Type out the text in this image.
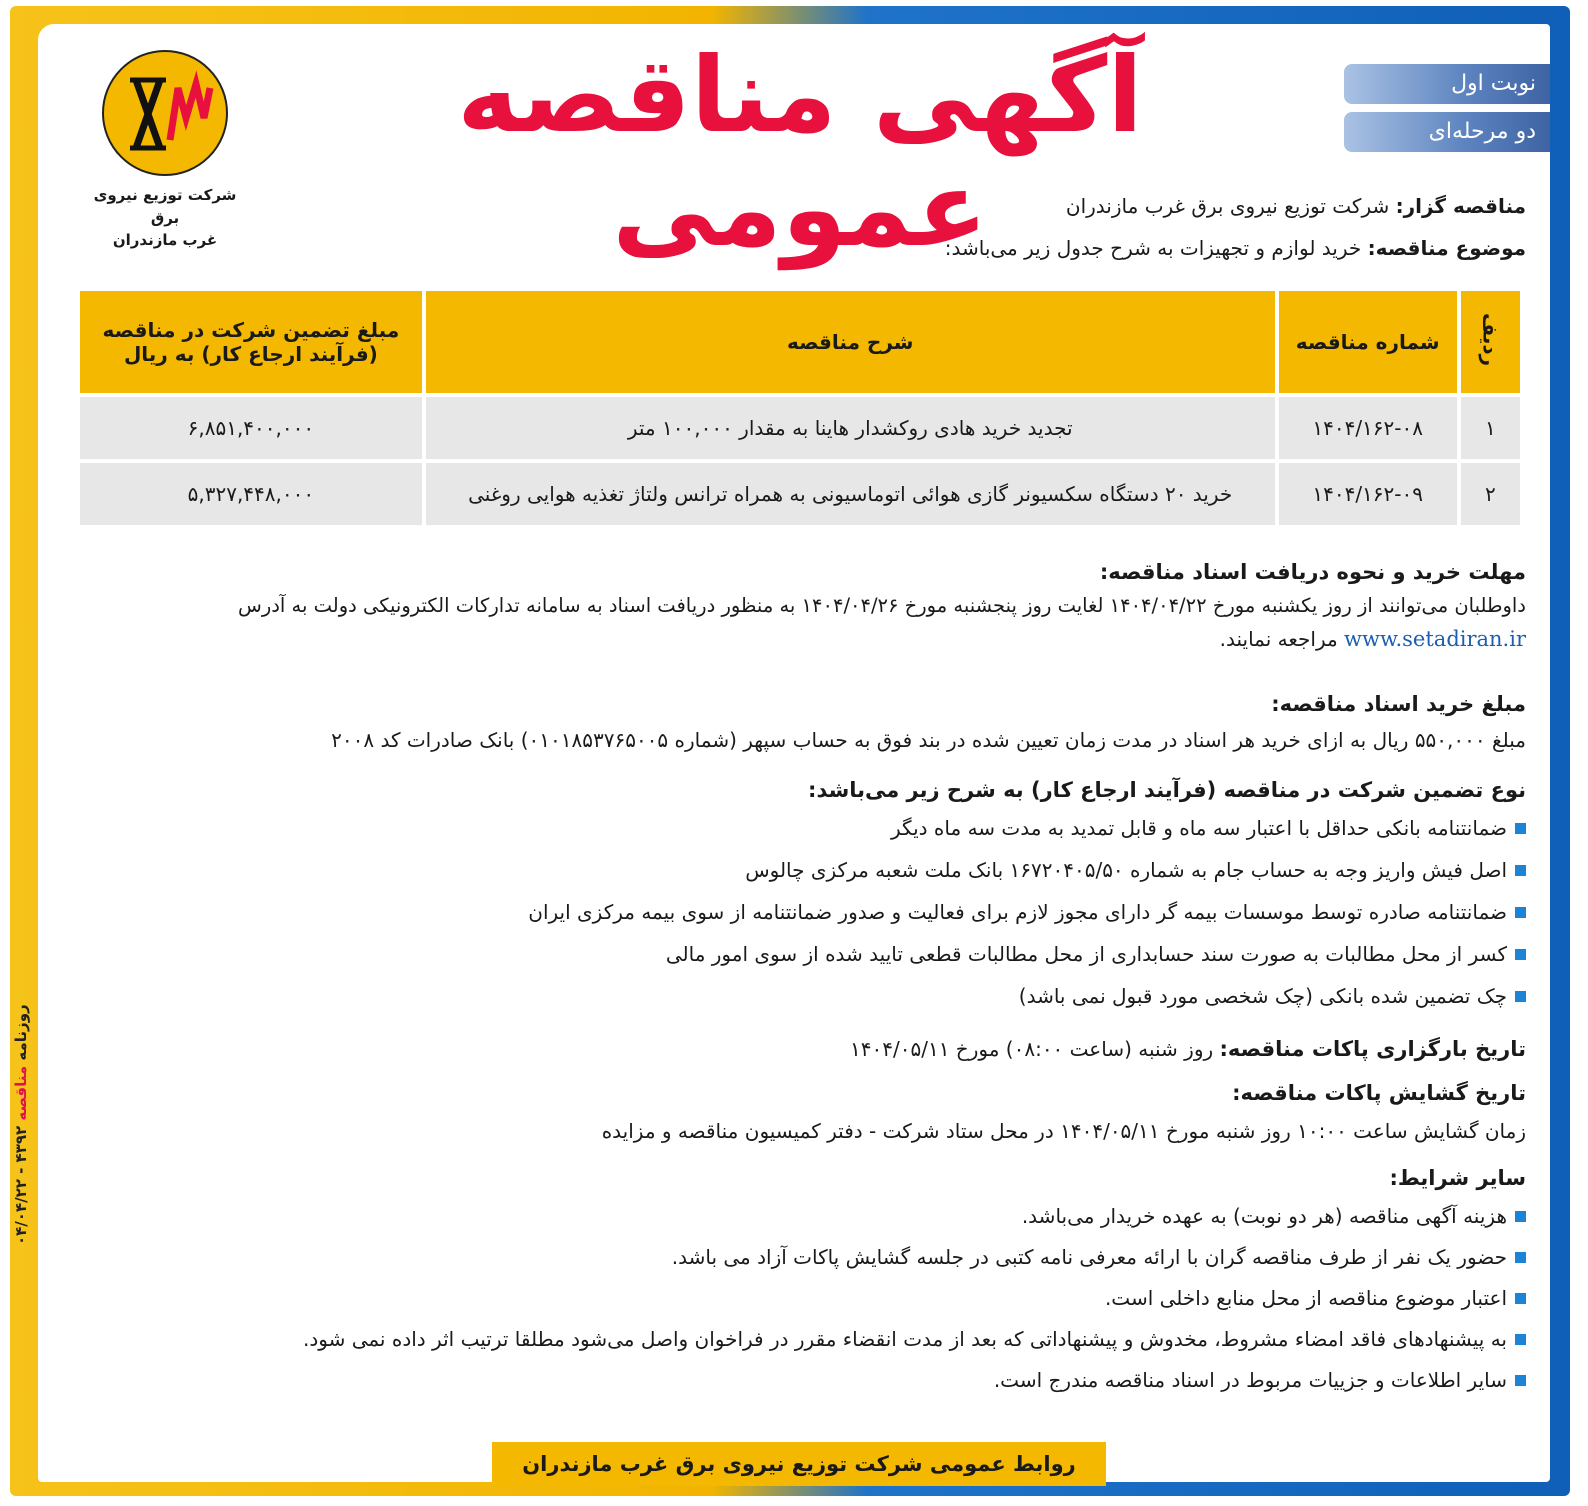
روزنامه مناقصه ۴۳۹۲ - ۰۴/۰۴/۲۲
آگهی مناقصه عمومی
شرکت توزیع نیروی برق
غرب مازندران
نوبت اول
دو مرحله‌ای
مناقصه گزار: شرکت توزیع نیروی برق غرب مازندران
موضوع مناقصه: خرید لوازم و تجهیزات به شرح جدول زیر می‌باشد:
ردیف	شماره مناقصه	شرح مناقصه	مبلغ تضمین شرکت در مناقصه
(فرآیند ارجاع کار) به ریال

۱	۱۴۰۴/۱۶۲-۰۸	تجدید خرید هادی روکشدار هاینا به مقدار ۱۰۰,۰۰۰ متر	۶,۸۵۱,۴۰۰,۰۰۰
۲	۱۴۰۴/۱۶۲-۰۹	خرید ۲۰ دستگاه سکسیونر گازی هوائی اتوماسیونی به همراه ترانس ولتاژ تغذیه هوایی روغنی	۵,۳۲۷,۴۴۸,۰۰۰
مهلت خرید و نحوه دریافت اسناد مناقصه:
داوطلبان می‌توانند از روز یکشنبه مورخ ۱۴۰۴/۰۴/۲۲ لغایت روز پنجشنبه مورخ ۱۴۰۴/۰۴/۲۶ به منظور دریافت اسناد به سامانه تدارکات الکترونیکی دولت به آدرس
www.setadiran.ir مراجعه نمایند.
مبلغ خرید اسناد مناقصه:
مبلغ ۵۵۰,۰۰۰ ریال به ازای خرید هر اسناد در مدت زمان تعیین شده در بند فوق به حساب سپهر (شماره ۰۱۰۱۸۵۳۷۶۵۰۰۵) بانک صادرات کد ۲۰۰۸
نوع تضمین شرکت در مناقصه (فرآیند ارجاع کار) به شرح زیر می‌باشد:
ضمانتنامه بانکی حداقل با اعتبار سه ماه و قابل تمدید به مدت سه ماه دیگر
اصل فیش واریز وجه به حساب جام به شماره ۱۶۷۲۰۴۰۵/۵۰ بانک ملت شعبه مرکزی چالوس
ضمانتنامه صادره توسط موسسات بیمه گر دارای مجوز لازم برای فعالیت و صدور ضمانتنامه از سوی بیمه مرکزی ایران
کسر از محل مطالبات به صورت سند حسابداری از محل مطالبات قطعی تایید شده از سوی امور مالی
چک تضمین شده بانکی (چک شخصی مورد قبول نمی باشد)
تاریخ بارگزاری پاکات مناقصه: روز شنبه (ساعت ۰۸:۰۰) مورخ ۱۴۰۴/۰۵/۱۱
تاریخ گشایش پاکات مناقصه:
زمان گشایش ساعت ۱۰:۰۰ روز شنبه مورخ ۱۴۰۴/۰۵/۱۱ در محل ستاد شرکت - دفتر کمیسیون مناقصه و مزایده
سایر شرایط:
هزینه آگهی مناقصه (هر دو نوبت) به عهده خریدار می‌باشد.
حضور یک نفر از طرف مناقصه گران با ارائه معرفی نامه کتبی در جلسه گشایش پاکات آزاد می باشد.
اعتبار موضوع مناقصه از محل منابع داخلی است.
به پیشنهادهای فاقد امضاء مشروط، مخدوش و پیشنهاداتی که بعد از مدت انقضاء مقرر در فراخوان واصل می‌شود مطلقا ترتیب اثر داده نمی شود.
سایر اطلاعات و جزییات مربوط در اسناد مناقصه مندرج است.
روابط عمومی شرکت توزیع نیروی برق غرب مازندران
